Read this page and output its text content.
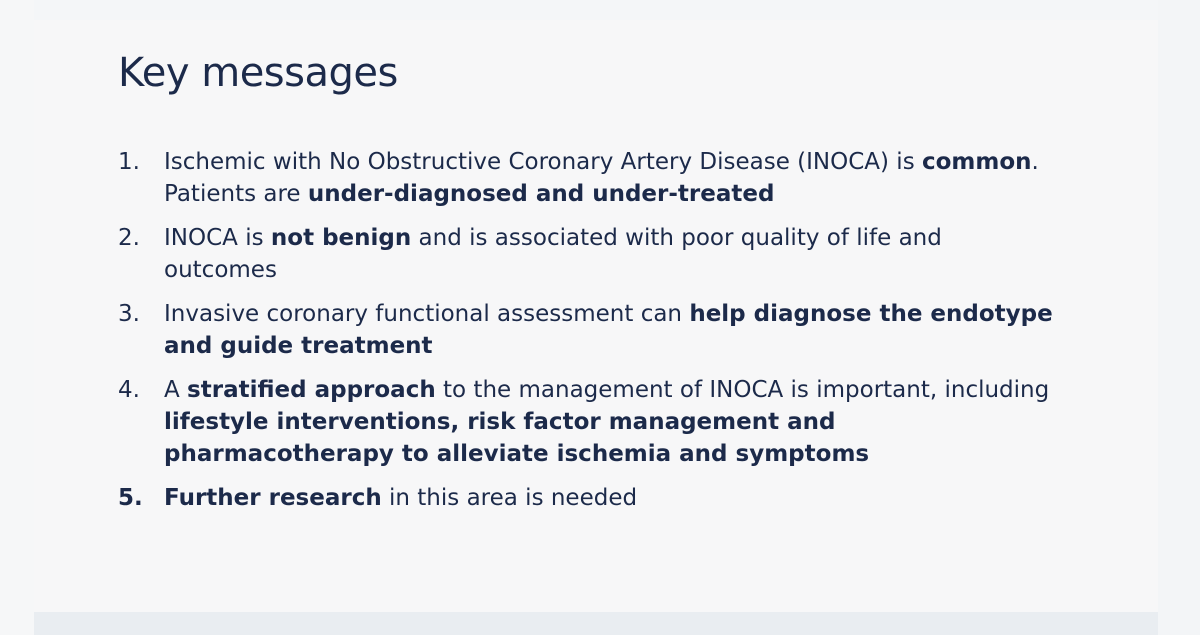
Key messages
1.	Ischemic with No Obstructive Coronary Artery Disease (INOCA) is common. Patients are under-diagnosed and under-treated
2.	INOCA is not benign and is associated with poor quality of life and outcomes
3.	Invasive coronary functional assessment can help diagnose the endotype and guide treatment
4.	A stratified approach to the management of INOCA is important, including lifestyle interventions, risk factor management and pharmacotherapy to alleviate ischemia and symptoms
5. Further research in this area is needed
